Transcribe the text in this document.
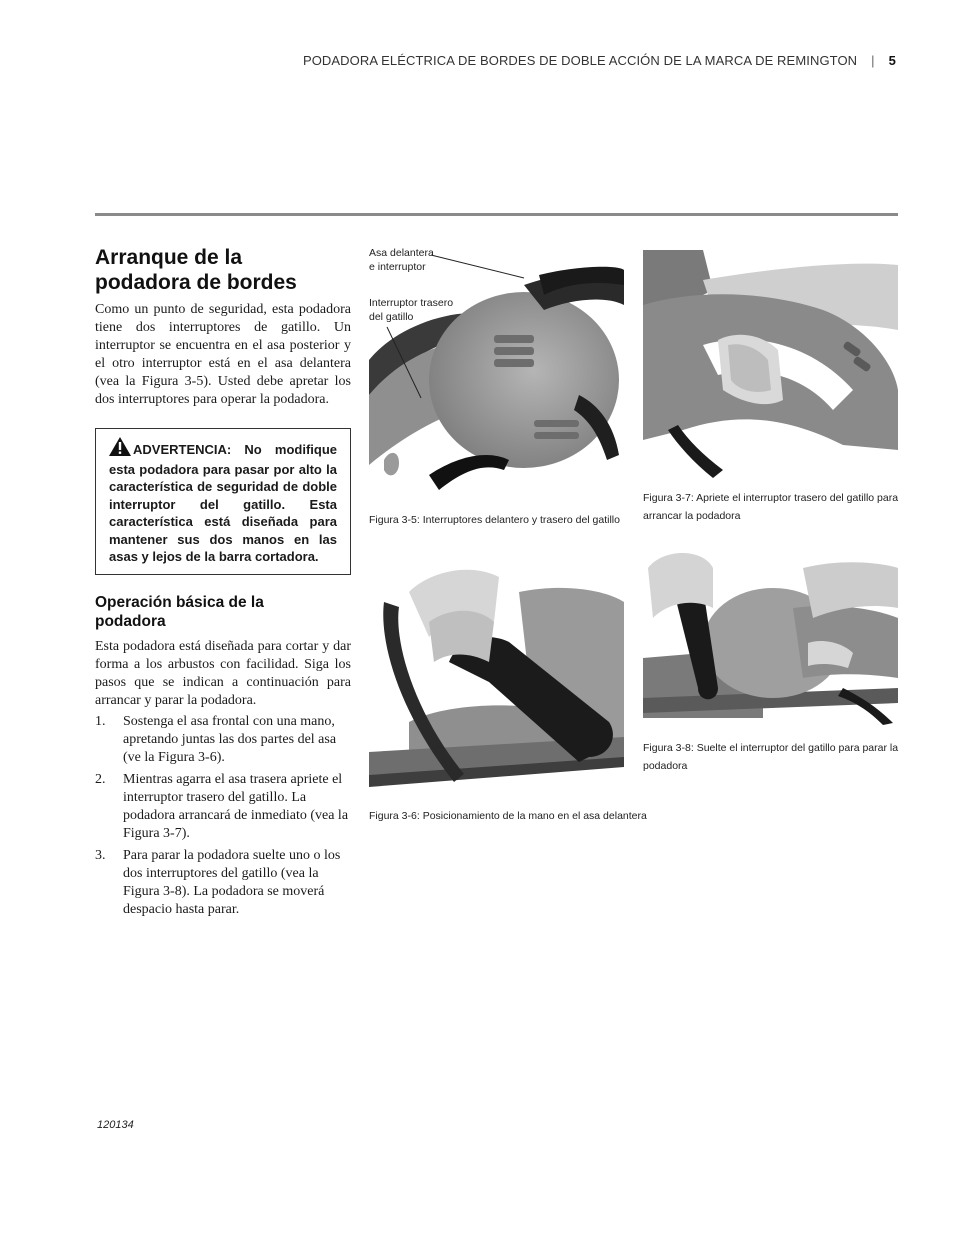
PODADORA ELÉCTRICA DE BORDES DE DOBLE ACCIÓN DE LA MARCA DE REMINGTON | 5
Arranque de la
podadora de bordes

Como un punto de seguridad, esta podadora tiene dos interruptores de gatillo. Un interruptor se encuentra en el asa posterior y el otro interruptor está en el asa delantera (vea la Figura 3-5). Usted debe apretar los dos interruptores para operar la podadora.

ADVERTENCIA: No modifique esta podadora para pasar por alto la característica de seguridad de doble interruptor del gatillo. Esta característica está diseñada para mantener sus dos manos en las asas y lejos de la barra cortadora.
Operación básica de la
podadora

Esta podadora está diseñada para cortar y dar forma a los arbustos con facilidad. Siga los pasos que se indican a continuación para arrancar y parar la podadora.

1. Sostenga el asa frontal con una mano, apretando juntas las dos partes del asa (ve la Figura 3-6).
2. Mientras agarra el asa trasera apriete el interruptor trasero del gatillo. La podadora arrancará de inmediato (vea la Figura 3-7).
3. Para parar la podadora suelte uno o los dos interruptores del gatillo (vea la Figura 3-8). La podadora se moverá despacio hasta parar.
Asa delantera
e interruptor
Interruptor trasero
del gatillo
Figura 3-5: Interruptores delantero y trasero del gatillo
Figura 3-7: Apriete el interruptor trasero del gatillo para
arrancar la podadora
Figura 3-6: Posicionamiento de la mano en el asa delantera
Figura 3-8: Suelte el interruptor del gatillo para parar la
podadora
120134
